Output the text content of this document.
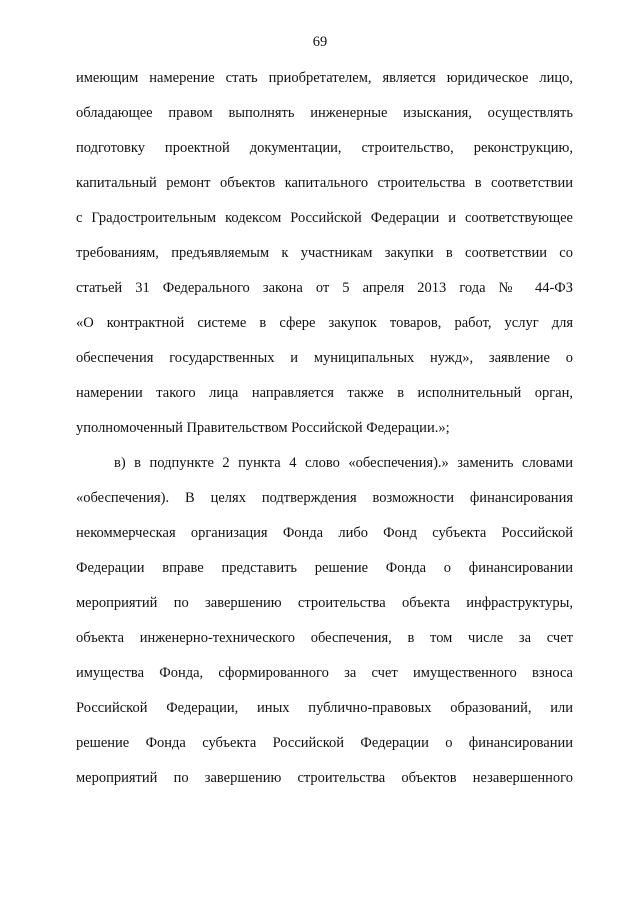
69
имеющим намерение стать приобретателем, является юридическое лицо,
обладающее правом выполнять инженерные изыскания, осуществлять
подготовку проектной документации, строительство, реконструкцию,
капитальный ремонт объектов капитального строительства в соответствии
с Градостроительным кодексом Российской Федерации и соответствующее
требованиям, предъявляемым к участникам закупки в соответствии со
статьей 31 Федерального закона от 5 апреля 2013 года № 44-ФЗ
«О контрактной системе в сфере закупок товаров, работ, услуг для
обеспечения государственных и муниципальных нужд», заявление о
намерении такого лица направляется также в исполнительный орган,
уполномоченный Правительством Российской Федерации.»;
в) в подпункте 2 пункта 4 слово «обеспечения).» заменить словами
«обеспечения). В целях подтверждения возможности финансирования
некоммерческая организация Фонда либо Фонд субъекта Российской
Федерации вправе представить решение Фонда о финансировании
мероприятий по завершению строительства объекта инфраструктуры,
объекта инженерно-технического обеспечения, в том числе за счет
имущества Фонда, сформированного за счет имущественного взноса
Российской Федерации, иных публично-правовых образований, или
решение Фонда субъекта Российской Федерации о финансировании
мероприятий по завершению строительства объектов незавершенного
